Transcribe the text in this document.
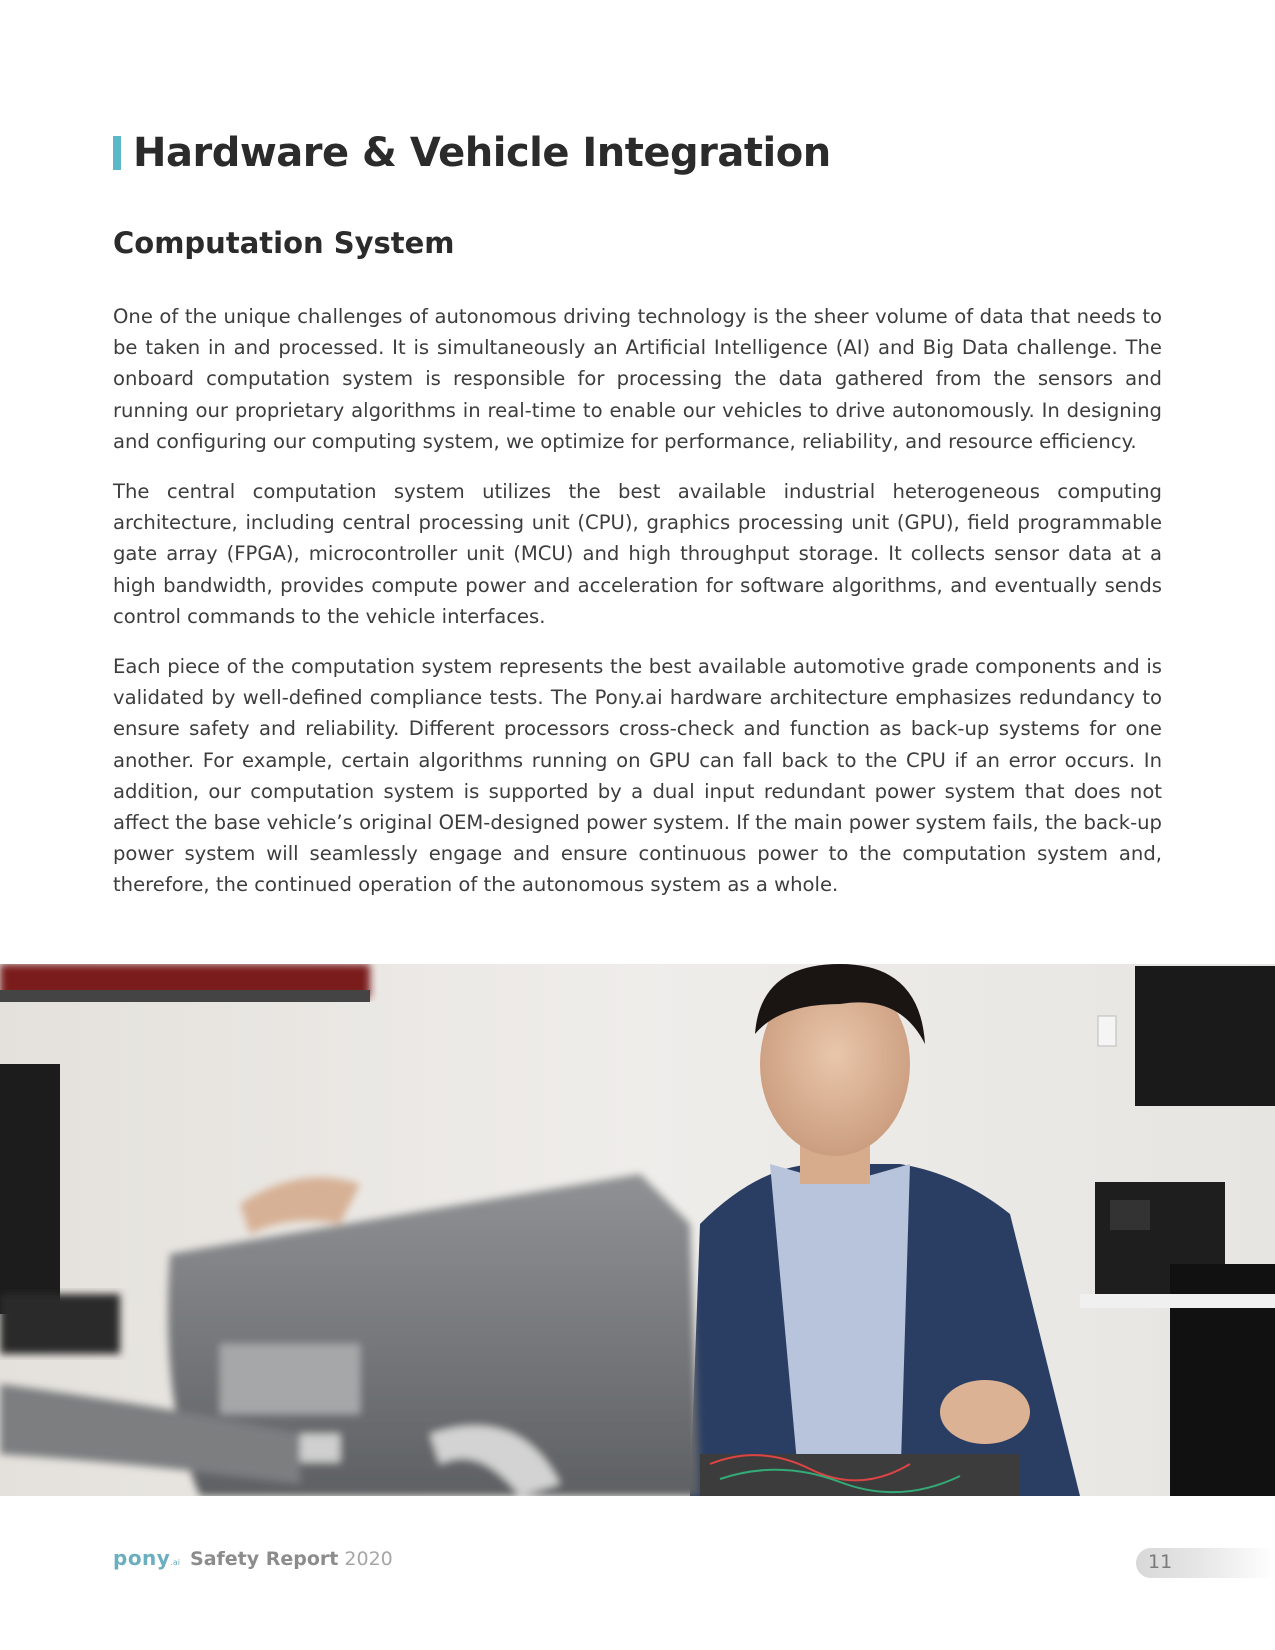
Hardware & Vehicle Integration
Computation System

One of the unique challenges of autonomous driving technology is the sheer volume of data that needs to be taken in and processed. It is simultaneously an Artificial Intelligence (AI) and Big Data challenge. The onboard computation system is responsible for processing the data gathered from the sensors and running our proprietary algorithms in real-time to enable our vehicles to drive autonomously. In designing and configuring our computing system, we optimize for performance, reliability, and resource efficiency.

The central computation system utilizes the best available industrial heterogeneous computing architecture, including central processing unit (CPU), graphics processing unit (GPU), field programmable gate array (FPGA), microcontroller unit (MCU) and high throughput storage. It collects sensor data at a high bandwidth, provides compute power and acceleration for software algorithms, and eventually sends control commands to the vehicle interfaces.

Each piece of the computation system represents the best available automotive grade components and is validated by well-defined compliance tests. The Pony.ai hardware architecture emphasizes redundancy to ensure safety and reliability. Different processors cross-check and function as back-up systems for one another. For example, certain algorithms running on GPU can fall back to the CPU if an error occurs. In addition, our computation system is supported by a dual input redundant power system that does not affect the base vehicle’s original OEM-designed power system. If the main power system fails, the back-up power system will seamlessly engage and ensure continuous power to the computation system and, therefore, the continued operation of the autonomous system as a whole.

pony .ai Safety Report 2020	11
